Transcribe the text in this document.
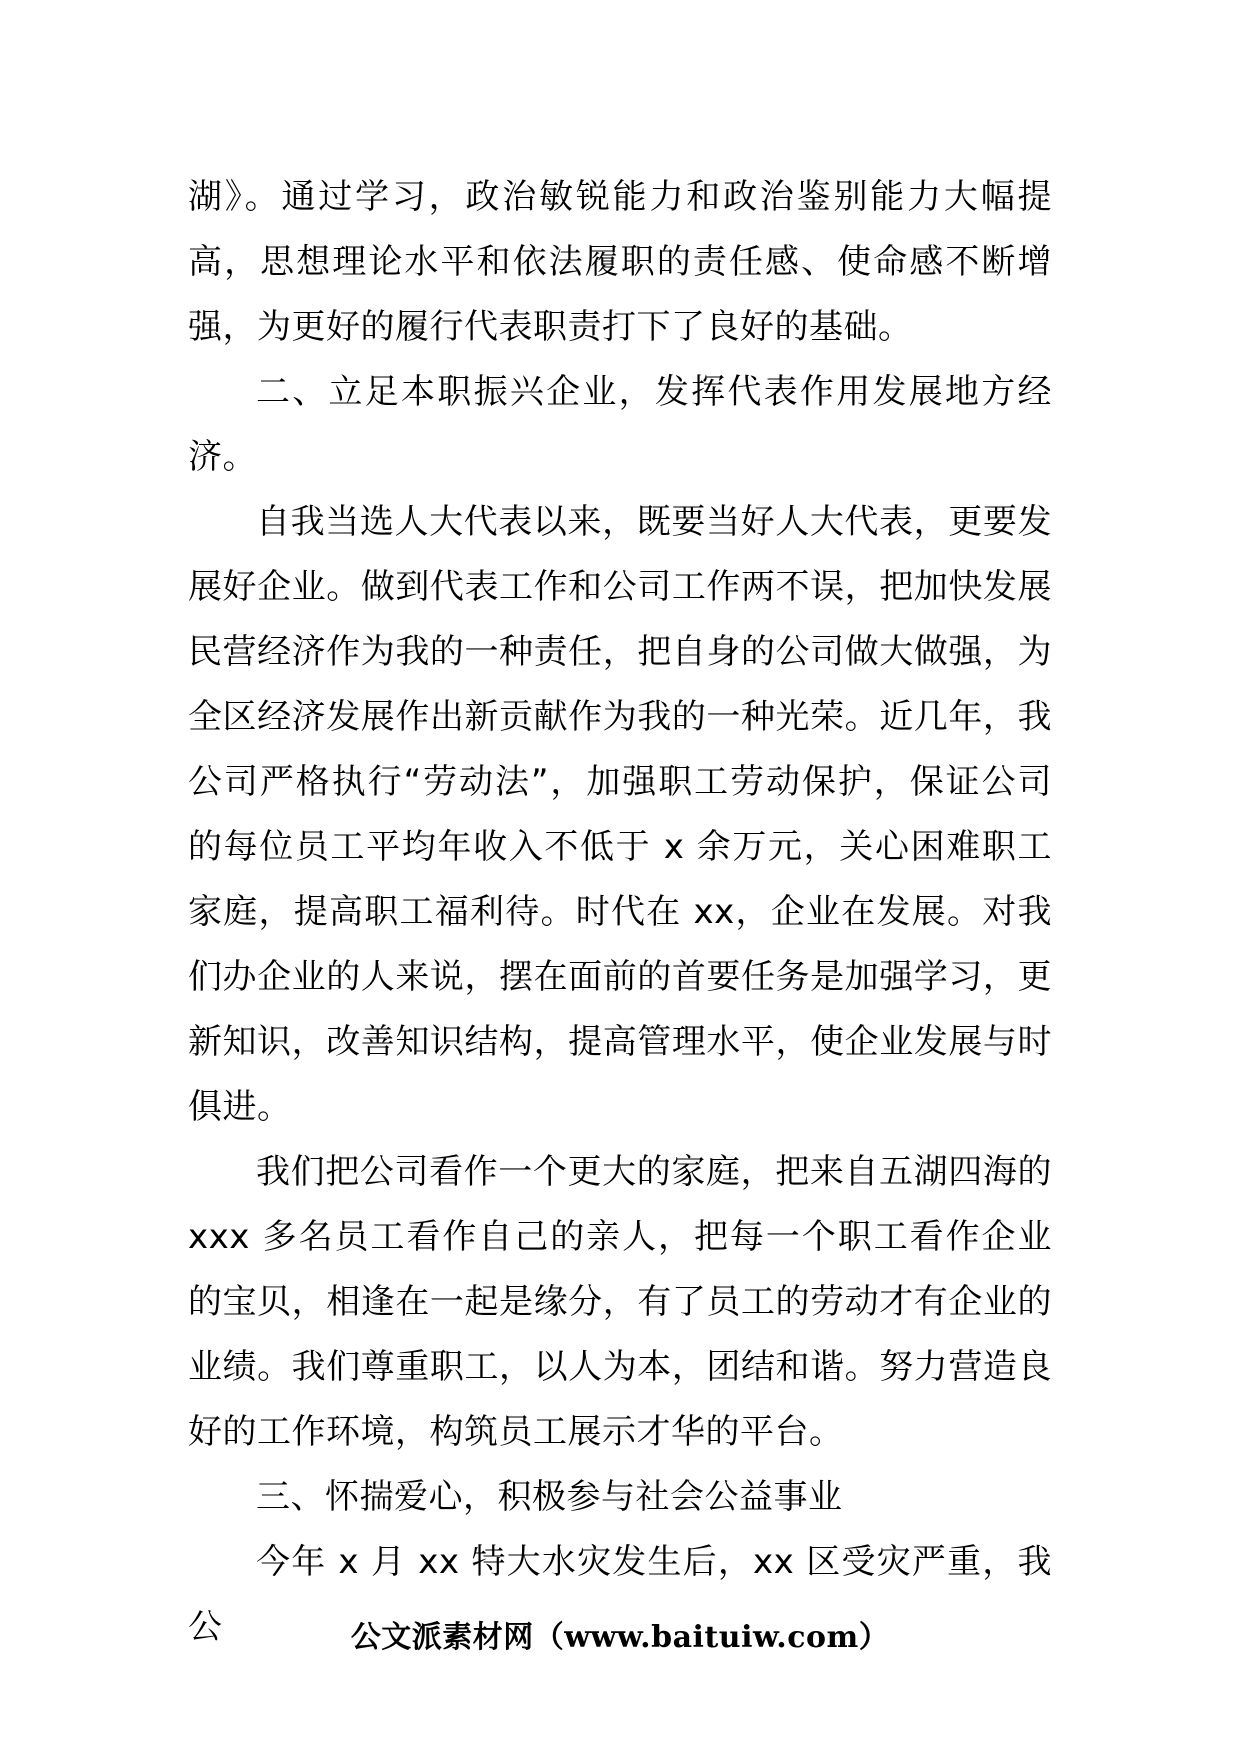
湖》。通过学习，政治敏锐能力和政治鉴别能力大幅提高，思想理论水平和依法履职的责任感、使命感不断增强，为更好的履行代表职责打下了良好的基础。

二、立足本职振兴企业，发挥代表作用发展地方经济。

自我当选人大代表以来，既要当好人大代表，更要发展好企业。做到代表工作和公司工作两不误，把加快发展民营经济作为我的一种责任，把自身的公司做大做强，为全区经济发展作出新贡献作为我的一种光荣。近几年，我公司严格执行“劳动法”，加强职工劳动保护，保证公司的每位员工平均年收入不低于 x 余万元，关心困难职工家庭，提高职工福利待。时代在 xx，企业在发展。对我们办企业的人来说，摆在面前的首要任务是加强学习，更新知识，改善知识结构，提高管理水平，使企业发展与时俱进。

我们把公司看作一个更大的家庭，把来自五湖四海的 xxx 多名员工看作自己的亲人，把每一个职工看作企业的宝贝，相逢在一起是缘分，有了员工的劳动才有企业的业绩。我们尊重职工，以人为本，团结和谐。努力营造良好的工作环境，构筑员工展示才华的平台。

三、怀揣爱心，积极参与社会公益事业

今年 x 月 xx 特大水灾发生后，xx 区受灾严重，我公	公文派素材网（www.baituiw.com）
